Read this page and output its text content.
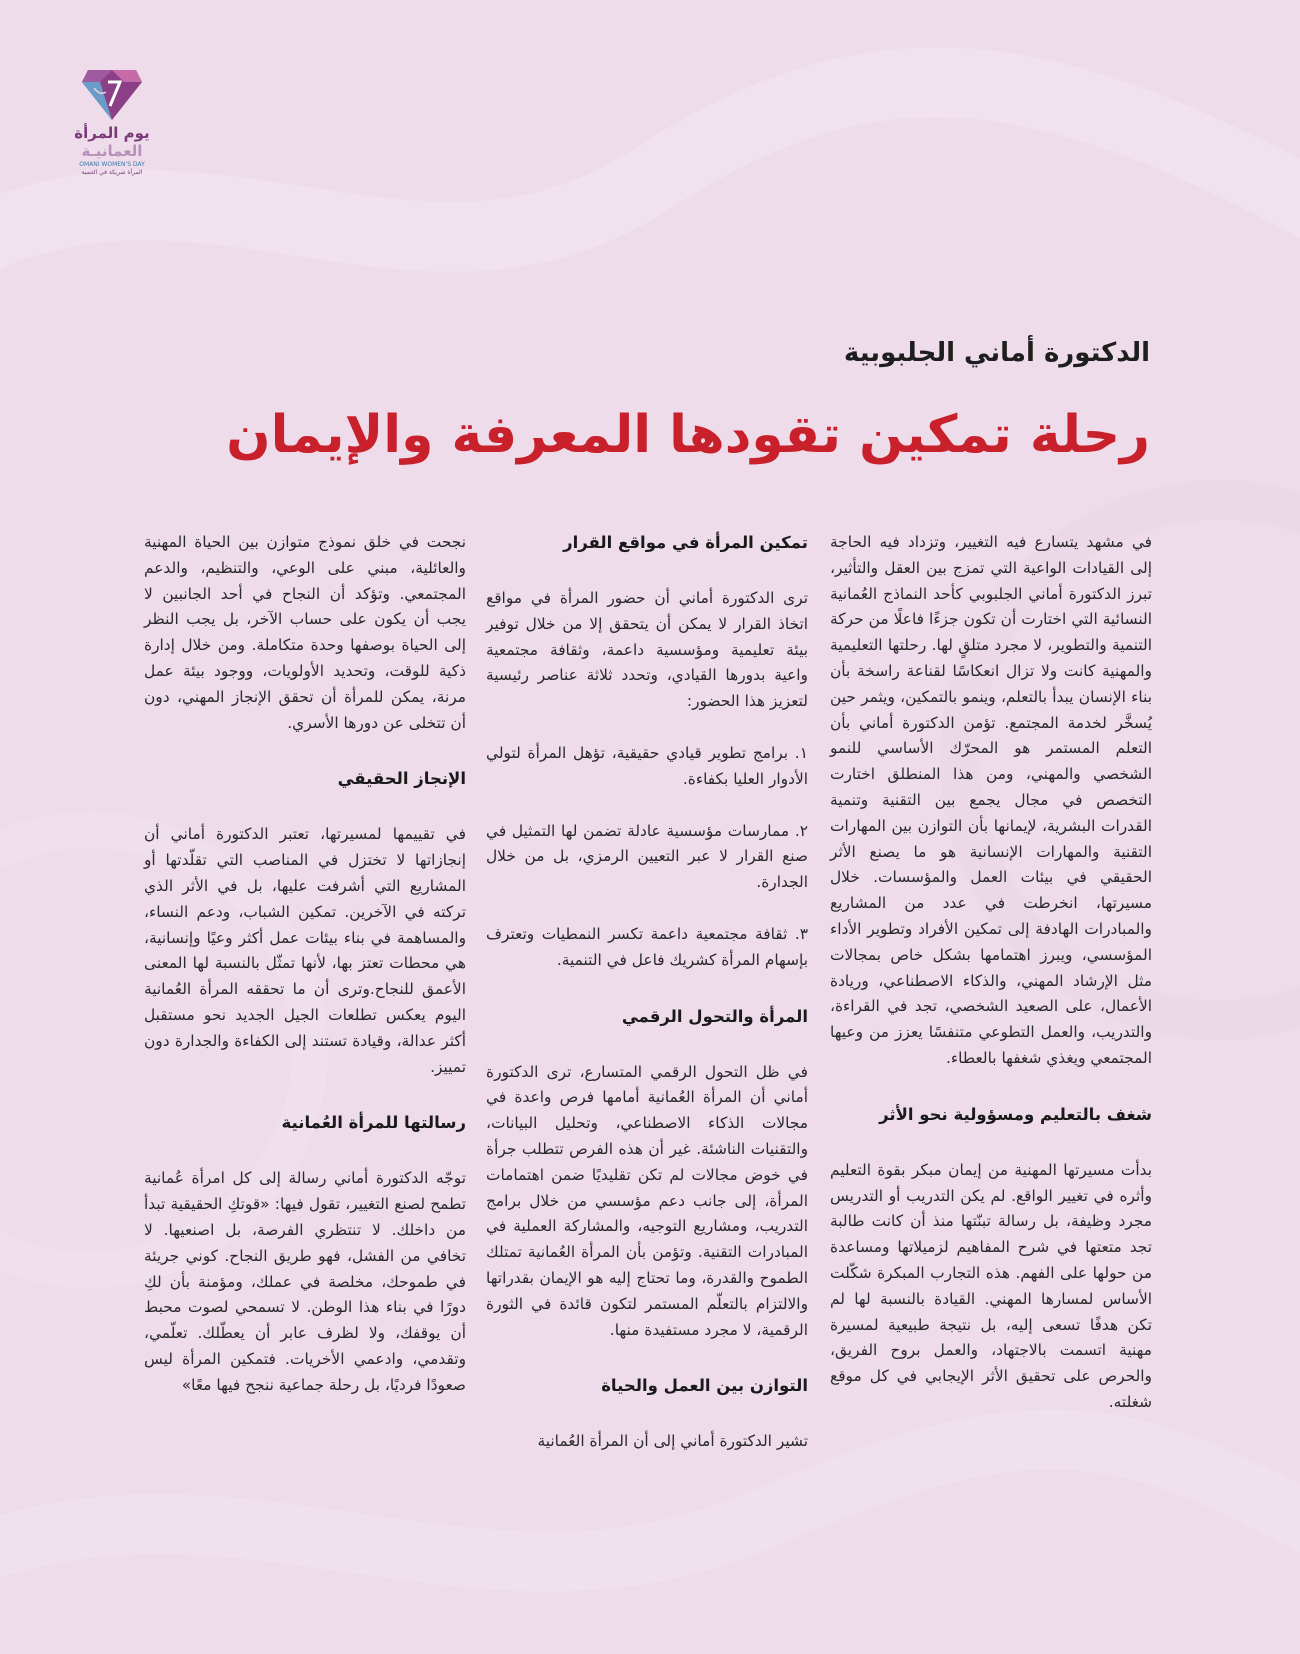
يوم المرأة
العمانيـة
OMANI WOMEN'S DAY
المرأة شريكة في التنمية
الدكتورة أماني الجلبوبية
رحلة تمكين تقودها المعرفة والإيمان

في مشهد يتسارع فيه التغيير، وتزداد فيه الحاجة إلى القيادات الواعية التي تمزج بين العقل والتأثير، تبرز الدكتورة أماني الجلبوبي كأحد النماذج العُمانية النسائية التي اختارت أن تكون جزءًا فاعلًا من حركة التنمية والتطوير، لا مجرد متلقٍ لها. رحلتها التعليمية والمهنية كانت ولا تزال انعكاسًا لقناعة راسخة بأن بناء الإنسان يبدأ بالتعلم، وينمو بالتمكين، ويثمر حين يُسخَّر لخدمة المجتمع. تؤمن الدكتورة أماني بأن التعلم المستمر هو المحرّك الأساسي للنمو الشخصي والمهني، ومن هذا المنطلق اختارت التخصص في مجال يجمع بين التقنية وتنمية القدرات البشرية، لإيمانها بأن التوازن بين المهارات التقنية والمهارات الإنسانية هو ما يصنع الأثر الحقيقي في بيئات العمل والمؤسسات. خلال مسيرتها، انخرطت في عدد من المشاريع والمبادرات الهادفة إلى تمكين الأفراد وتطوير الأداء المؤسسي، ويبرز اهتمامها بشكل خاص بمجالات مثل الإرشاد المهني، والذكاء الاصطناعي، وريادة الأعمال، على الصعيد الشخصي، تجد في القراءة، والتدريب، والعمل التطوعي متنفسًا يعزز من وعيها المجتمعي ويغذي شغفها بالعطاء.

شغف بالتعليم ومسؤولية نحو الأثر

بدأت مسيرتها المهنية من إيمان مبكر بقوة التعليم وأثره في تغيير الواقع. لم يكن التدريب أو التدريس مجرد وظيفة، بل رسالة تبنّتها منذ أن كانت طالبة تجد متعتها في شرح المفاهيم لزميلاتها ومساعدة من حولها على الفهم. هذه التجارب المبكرة شكّلت الأساس لمسارها المهني. القيادة بالنسبة لها لم تكن هدفًا تسعى إليه، بل نتيجة طبيعية لمسيرة مهنية اتسمت بالاجتهاد، والعمل بروح الفريق، والحرص على تحقيق الأثر الإيجابي في كل موقع شغلته.

تمكين المرأة في مواقع القرار

ترى الدكتورة أماني أن حضور المرأة في مواقع اتخاذ القرار لا يمكن أن يتحقق إلا من خلال توفير بيئة تعليمية ومؤسسية داعمة، وثقافة مجتمعية واعية بدورها القيادي، وتحدد ثلاثة عناصر رئيسية لتعزيز هذا الحضور:

١. برامج تطوير قيادي حقيقية، تؤهل المرأة لتولي الأدوار العليا بكفاءة.

٢. ممارسات مؤسسية عادلة تضمن لها التمثيل في صنع القرار لا عبر التعيين الرمزي، بل من خلال الجدارة.

٣. ثقافة مجتمعية داعمة تكسر النمطيات وتعترف بإسهام المرأة كشريك فاعل في التنمية.

المرأة والتحول الرقمي

في ظل التحول الرقمي المتسارع، ترى الدكتورة أماني أن المرأة العُمانية أمامها فرص واعدة في مجالات الذكاء الاصطناعي، وتحليل البيانات، والتقنيات الناشئة. غير أن هذه الفرص تتطلب جرأة في خوض مجالات لم تكن تقليديًا ضمن اهتمامات المرأة، إلى جانب دعم مؤسسي من خلال برامج التدريب، ومشاريع التوجيه، والمشاركة العملية في المبادرات التقنية. وتؤمن بأن المرأة العُمانية تمتلك الطموح والقدرة، وما تحتاج إليه هو الإيمان بقدراتها والالتزام بالتعلّم المستمر لتكون قائدة في الثورة الرقمية، لا مجرد مستفيدة منها.

التوازن بين العمل والحياة

تشير الدكتورة أماني إلى أن المرأة العُمانية

نجحت في خلق نموذج متوازن بين الحياة المهنية والعائلية، مبني على الوعي، والتنظيم، والدعم المجتمعي. وتؤكد أن النجاح في أحد الجانبين لا يجب أن يكون على حساب الآخر، بل يجب النظر إلى الحياة بوصفها وحدة متكاملة. ومن خلال إدارة ذكية للوقت، وتحديد الأولويات، ووجود بيئة عمل مرنة، يمكن للمرأة أن تحقق الإنجاز المهني، دون أن تتخلى عن دورها الأسري.

الإنجاز الحقيقي

في تقييمها لمسيرتها، تعتبر الدكتورة أماني أن إنجازاتها لا تختزل في المناصب التي تقلّدتها أو المشاريع التي أشرفت عليها، بل في الأثر الذي تركته في الآخرين. تمكين الشباب، ودعم النساء، والمساهمة في بناء بيئات عمل أكثر وعيًا وإنسانية، هي محطات تعتز بها، لأنها تمثّل بالنسبة لها المعنى الأعمق للنجاح.وترى أن ما تحققه المرأة العُمانية اليوم يعكس تطلعات الجيل الجديد نحو مستقبل أكثر عدالة، وقيادة تستند إلى الكفاءة والجدارة دون تمييز.

رسالتها للمرأة العُمانية

توجّه الدكتورة أماني رسالة إلى كل امرأة عُمانية تطمح لصنع التغيير، تقول فيها: «قوتكِ الحقيقية تبدأ من داخلك. لا تنتظري الفرصة، بل اصنعيها. لا تخافي من الفشل، فهو طريق النجاح. كوني جريئة في طموحك، مخلصة في عملك، ومؤمنة بأن لكِ دورًا في بناء هذا الوطن. لا تسمحي لصوت محبط أن يوقفك، ولا لظرف عابر أن يعطّلك. تعلّمي، وتقدمي، وادعمي الأخريات. فتمكين المرأة ليس صعودًا فرديًا، بل رحلة جماعية ننجح فيها معًا»
